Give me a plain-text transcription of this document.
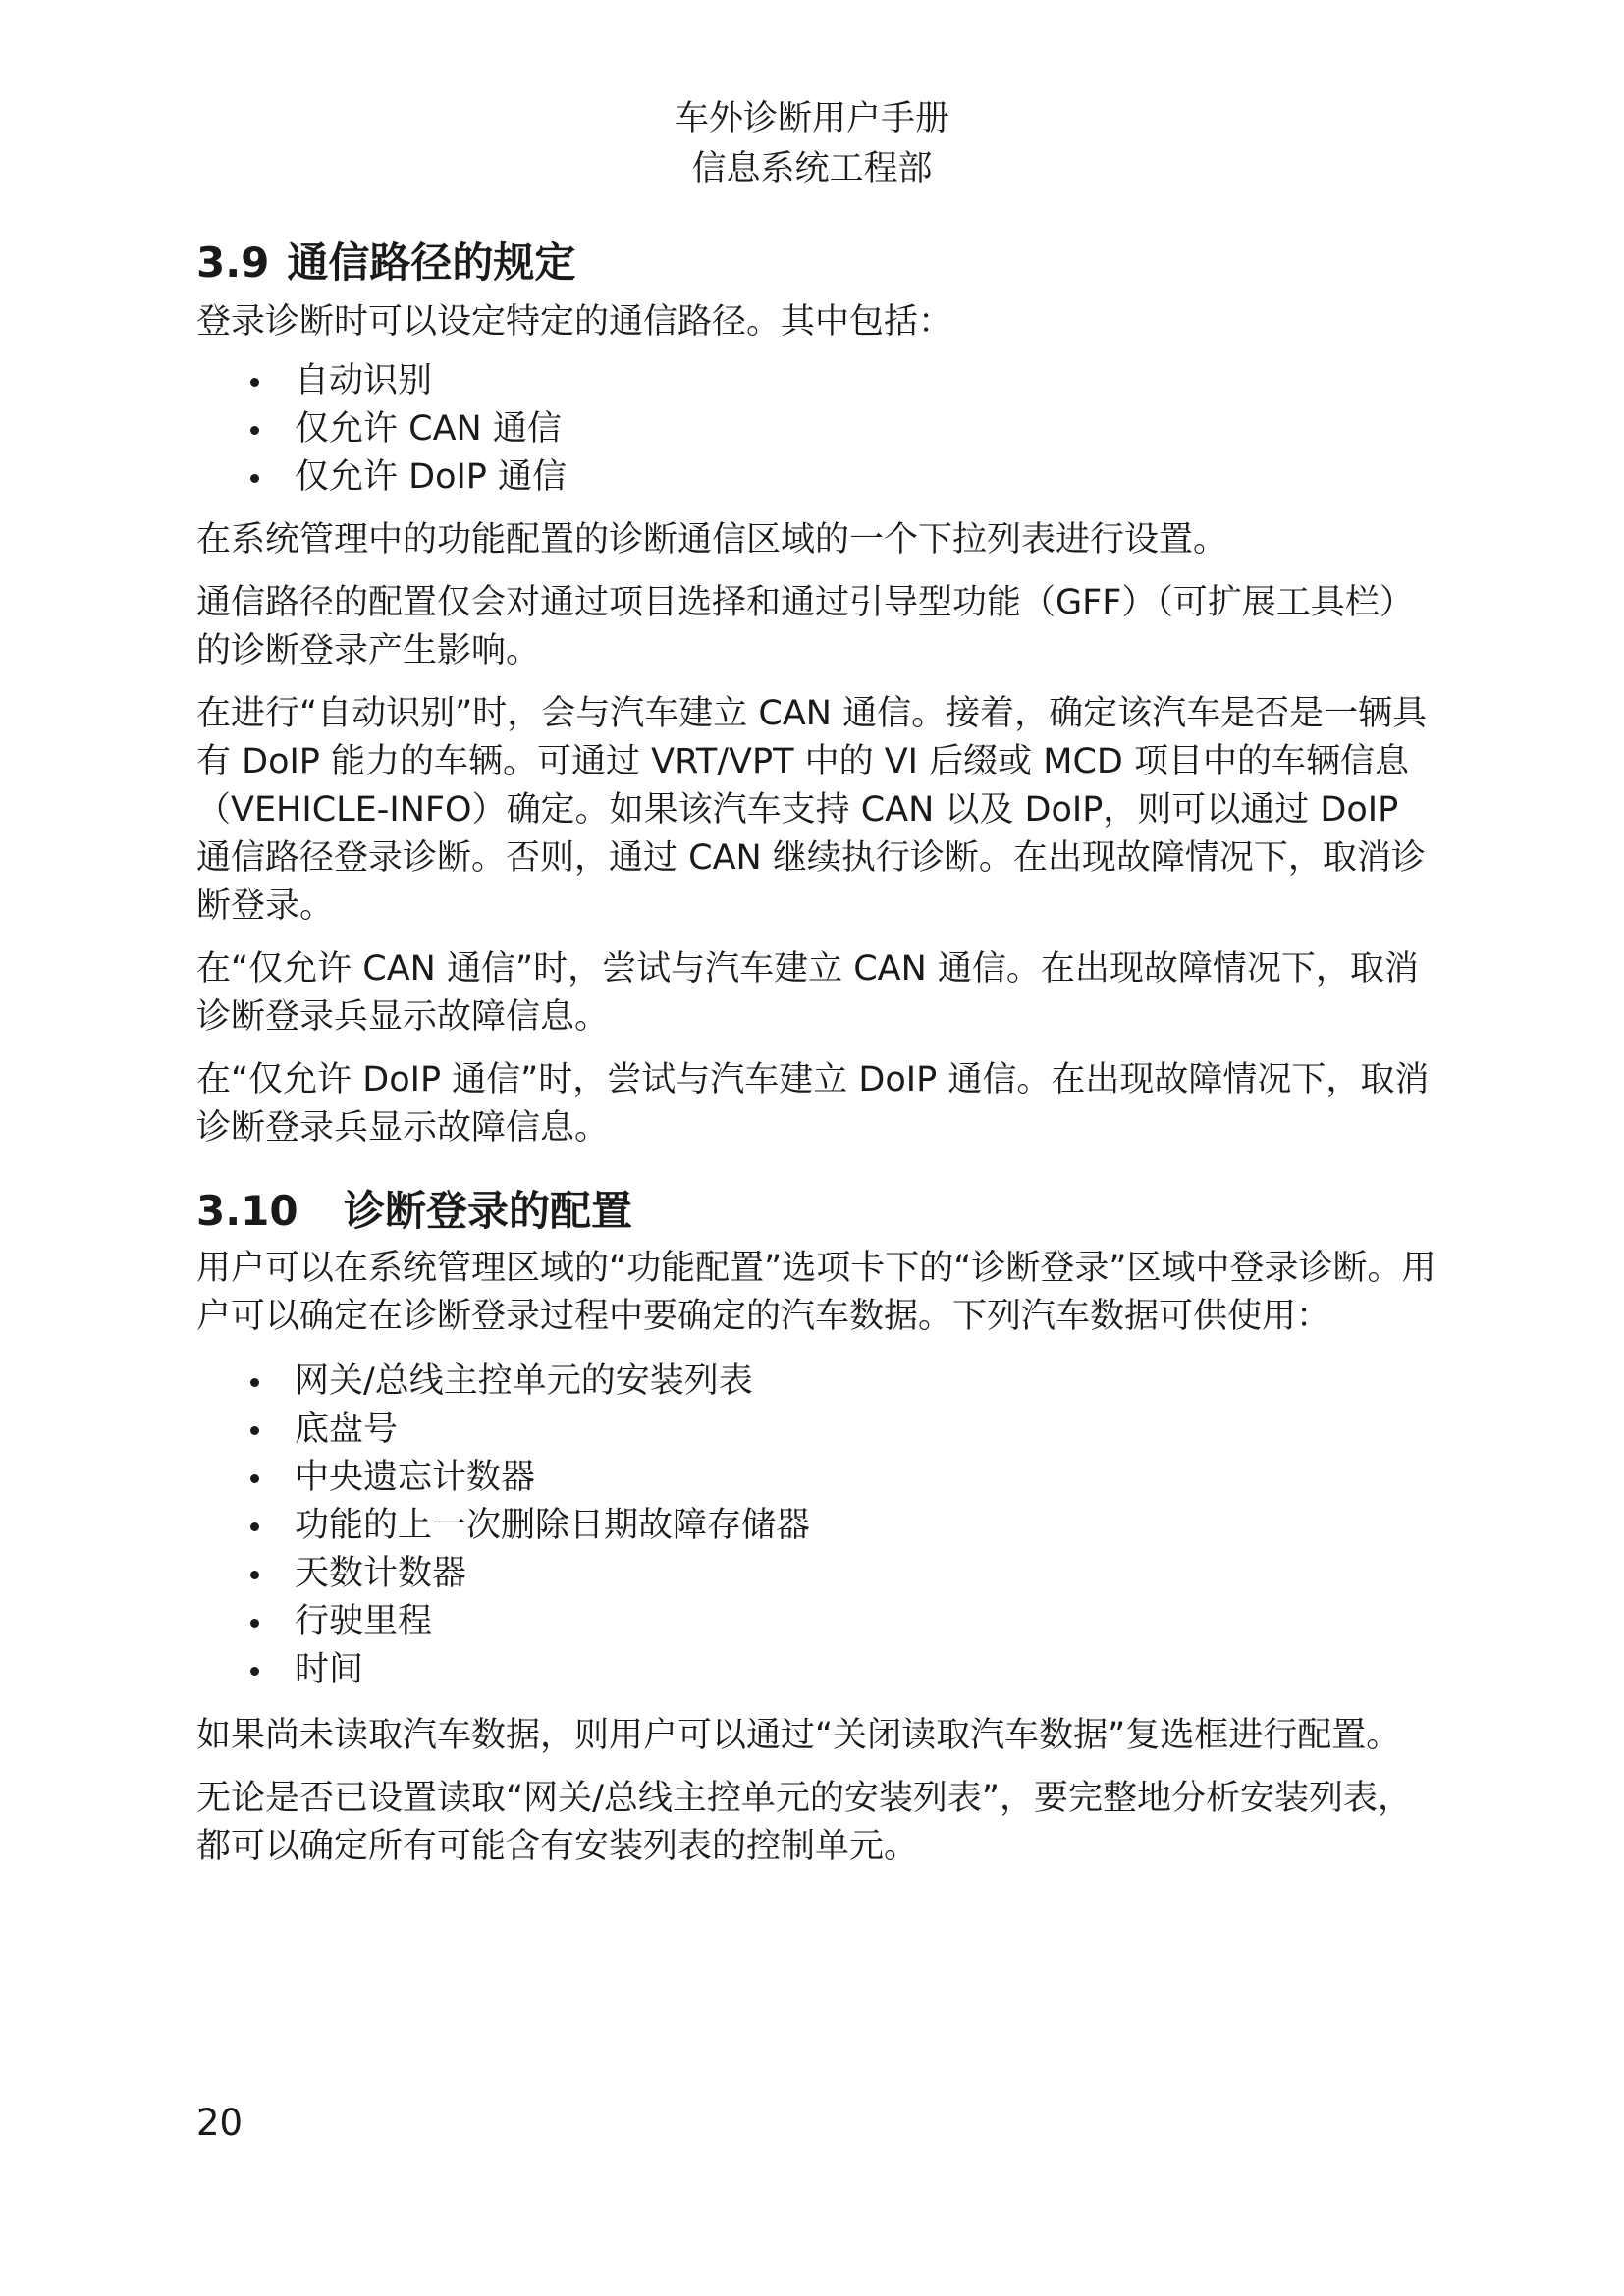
车外诊断用户手册
信息系统工程部
3.9 通信路径的规定

登录诊断时可以设定特定的通信路径。其中包括：

自动识别
仅允许 CAN 通信
仅允许 DoIP 通信

在系统管理中的功能配置的诊断通信区域的一个下拉列表进行设置。

通信路径的配置仅会对通过项目选择和通过引导型功能（GFF）（可扩展工具栏）的诊断登录产生影响。

在进行“自动识别”时，会与汽车建立 CAN 通信。接着，确定该汽车是否是一辆具有 DoIP 能力的车辆。可通过 VRT/VPT 中的 VI 后缀或 MCD 项目中的车辆信息（VEHICLE-INFO）确定。如果该汽车支持 CAN 以及 DoIP，则可以通过 DoIP 通信路径登录诊断。否则，通过 CAN 继续执行诊断。在出现故障情况下，取消诊断登录。

在“仅允许 CAN 通信”时，尝试与汽车建立 CAN 通信。在出现故障情况下，取消诊断登录兵显示故障信息。

在“仅允许 DoIP 通信”时，尝试与汽车建立 DoIP 通信。在出现故障情况下，取消诊断登录兵显示故障信息。

3.10 诊断登录的配置

用户可以在系统管理区域的“功能配置”选项卡下的“诊断登录”区域中登录诊断。用户可以确定在诊断登录过程中要确定的汽车数据。下列汽车数据可供使用：

网关/总线主控单元的安装列表
底盘号
中央遗忘计数器
功能的上一次删除日期故障存储器
天数计数器
行驶里程
时间

如果尚未读取汽车数据，则用户可以通过“关闭读取汽车数据”复选框进行配置。

无论是否已设置读取“网关/总线主控单元的安装列表”，要完整地分析安装列表，都可以确定所有可能含有安装列表的控制单元。

20
